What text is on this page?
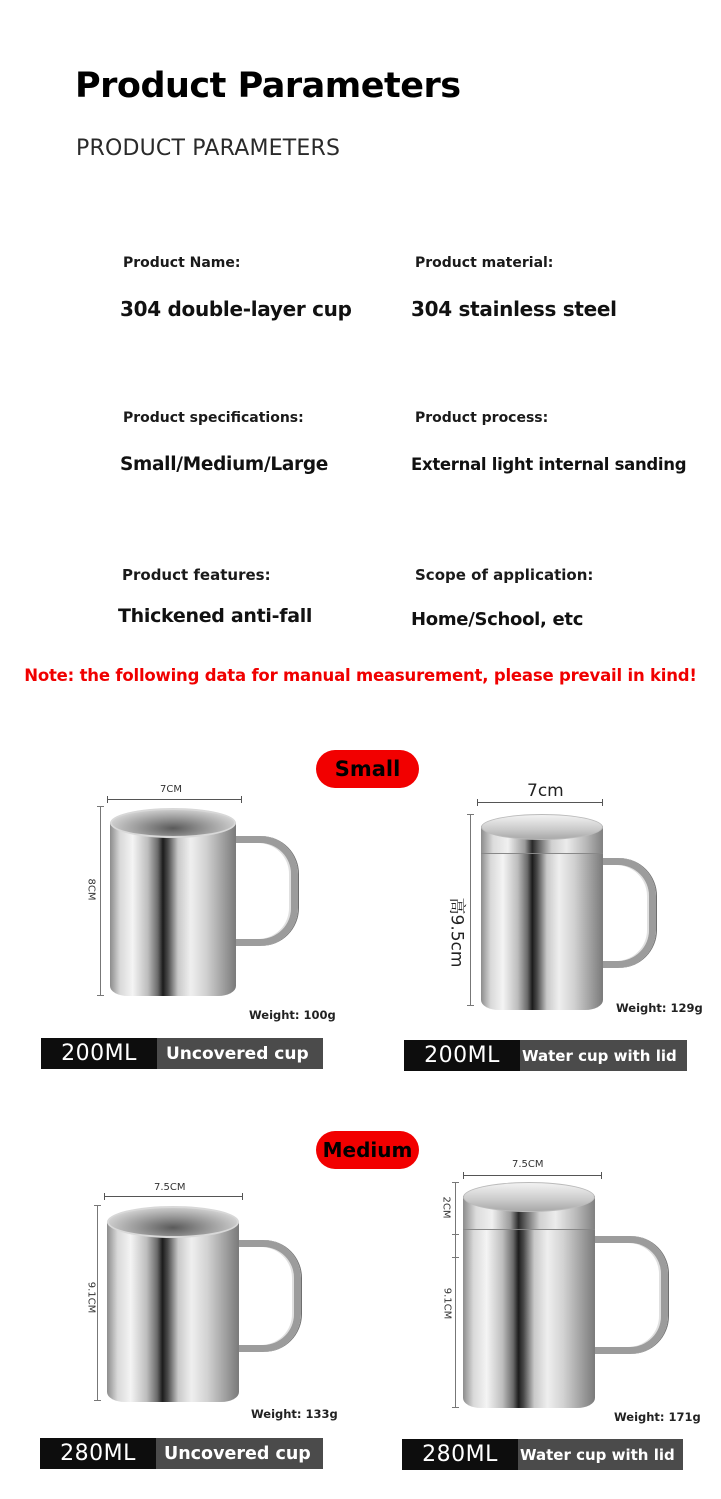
Product Parameters
PRODUCT PARAMETERS
Product Name:
304 double-layer cup
Product material:
304 stainless steel
Product specifications:
Small/Medium/Large
Product process:
External light internal sanding
Product features:
Thickened anti-fall
Scope of application:
Home/School, etc
Note: the following data for manual measurement, please prevail in kind!
Small
7CM
8CM
Weight: 100g
200ML	Uncovered cup
7cm
高9.5cm
Weight: 129g
200ML	Water cup with lid
Medium
7.5CM
9.1CM
Weight: 133g
280ML	Uncovered cup
7.5CM
2CM
9.1CM
Weight: 171g
280ML	Water cup with lid
